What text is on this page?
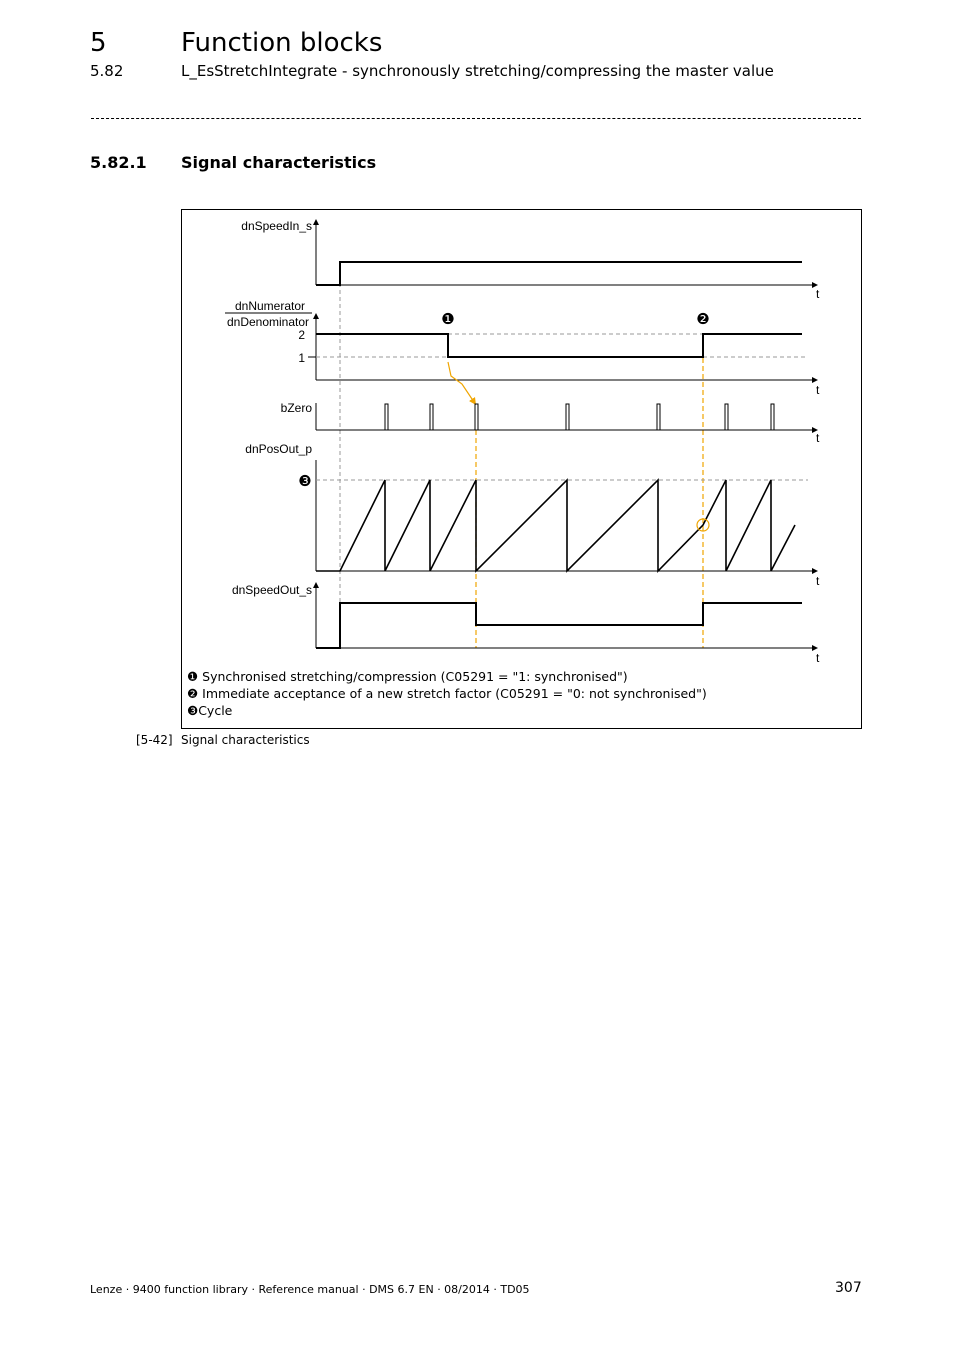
5	Function blocks
5.82	L_EsStretchIntegrate - synchronously stretching/compressing the master value
5.82.1 Signal characteristics
dnSpeedIn_s
t
dnNumerator
dnDenominator
2
1
t
❶	❷
bZero
t
dnPosOut_p
❸
t
dnSpeedOut_s
t
❶ Synchronised stretching/compression (C05291 = "1: synchronised")
❷ Immediate acceptance of a new stretch factor (C05291 = "0: not synchronised")
❸Cycle
[5-42] Signal characteristics
Lenze · 9400 function library · Reference manual · DMS 6.7 EN · 08/2014 · TD05	307
